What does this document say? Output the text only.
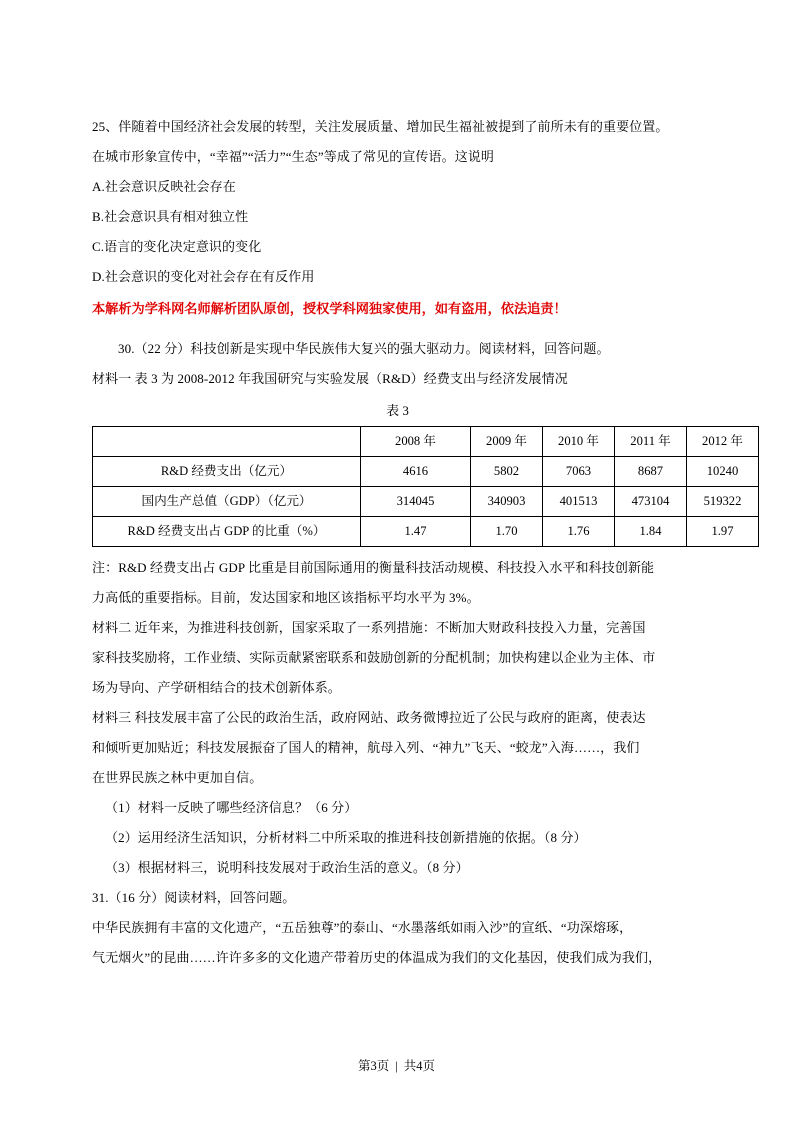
25、伴随着中国经济社会发展的转型，关注发展质量、增加民生福祉被提到了前所未有的重要位置。
在城市形象宣传中，“幸福”“活力”“生态”等成了常见的宣传语。这说明
A.社会意识反映社会存在
B.社会意识具有相对独立性
C.语言的变化决定意识的变化
D.社会意识的变化对社会存在有反作用
本解析为学科网名师解析团队原创，授权学科网独家使用，如有盗用，依法追责！
30.（22 分）科技创新是实现中华民族伟大复兴的强大驱动力。阅读材料，回答问题。
材料一 表 3 为 2008-2012 年我国研究与实验发展（R&D）经费支出与经济发展情况
表 3
	2008 年	2009 年	2010 年	2011 年	2012 年
R&D 经费支出（亿元）	4616	5802	7063	8687	10240
国内生产总值（GDP）（亿元）	314045	340903	401513	473104	519322
R&D 经费支出占 GDP 的比重（%）	1.47	1.70	1.76	1.84	1.97
注：R&D 经费支出占 GDP 比重是目前国际通用的衡量科技活动规模、科技投入水平和科技创新能
力高低的重要指标。目前，发达国家和地区该指标平均水平为 3%。
材料二 近年来，为推进科技创新，国家采取了一系列措施：不断加大财政科技投入力量，完善国
家科技奖励将，工作业绩、实际贡献紧密联系和鼓励创新的分配机制；加快构建以企业为主体、市
场为导向、产学研相结合的技术创新体系。
材料三 科技发展丰富了公民的政治生活，政府网站、政务微博拉近了公民与政府的距离，使表达
和倾听更加贴近；科技发展振奋了国人的精神，航母入列、“神九”飞天、“蛟龙”入海……，我们
在世界民族之林中更加自信。
（1）材料一反映了哪些经济信息？（6 分）
（2）运用经济生活知识，分析材料二中所采取的推进科技创新措施的依据。（8 分）
（3）根据材料三，说明科技发展对于政治生活的意义。（8 分）
31.（16 分）阅读材料，回答问题。
中华民族拥有丰富的文化遗产，“五岳独尊”的泰山、“水墨落纸如雨入沙”的宣纸、“功深熔琢，
气无烟火”的昆曲……许许多多的文化遗产带着历史的体温成为我们的文化基因，使我们成为我们，
第3页 | 共4页
